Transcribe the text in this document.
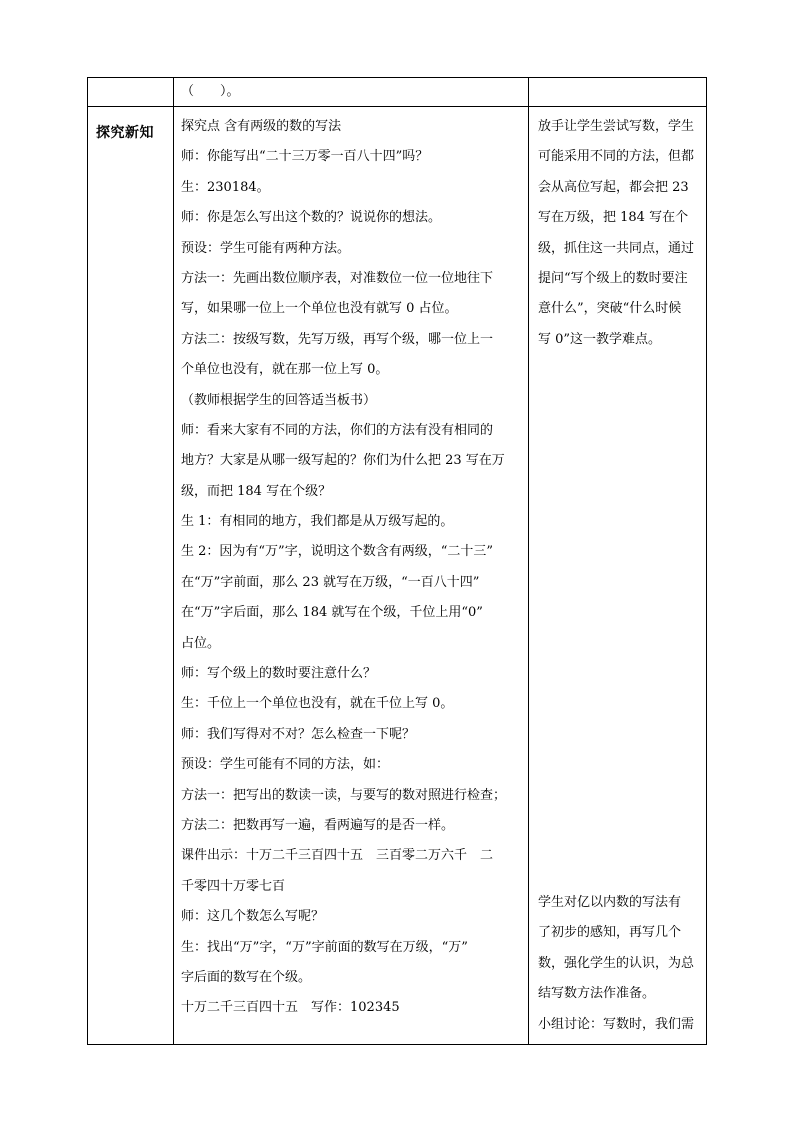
（　　）。
探究新知 探究点 含有两级的数的写法
师：你能写出“二十三万零一百八十四”吗？
生：230184。
师：你是怎么写出这个数的？说说你的想法。
预设：学生可能有两种方法。
方法一：先画出数位顺序表，对准数位一位一位地往下
写，如果哪一位上一个单位也没有就写 0 占位。
方法二：按级写数，先写万级，再写个级，哪一位上一
个单位也没有，就在那一位上写 0。
（教师根据学生的回答适当板书）
师：看来大家有不同的方法，你们的方法有没有相同的
地方？大家是从哪一级写起的？你们为什么把 23 写在万
级，而把 184 写在个级？
生 1：有相同的地方，我们都是从万级写起的。
生 2：因为有“万”字，说明这个数含有两级，“二十三”
在“万”字前面，那么 23 就写在万级，“一百八十四”
在“万”字后面，那么 184 就写在个级，千位上用“0”
占位。
师：写个级上的数时要注意什么？
生：千位上一个单位也没有，就在千位上写 0。
师：我们写得对不对？怎么检查一下呢？
预设：学生可能有不同的方法，如：
方法一：把写出的数读一读，与要写的数对照进行检查；
方法二：把数再写一遍，看两遍写的是否一样。
课件出示：十万二千三百四十五　三百零二万六千　二
千零四十万零七百
师：这几个数怎么写呢？
生：找出“万”字，“万”字前面的数写在万级，“万”
字后面的数写在个级。
十万二千三百四十五　写作：102345
放手让学生尝试写数，学生
可能采用不同的方法，但都
会从高位写起，都会把 23
写在万级，把 184 写在个
级，抓住这一共同点，通过
提问“写个级上的数时要注
意什么”，突破“什么时候
写 0”这一教学难点。
学生对亿以内数的写法有
了初步的感知，再写几个
数，强化学生的认识，为总
结写数方法作准备。
小组讨论：写数时，我们需
